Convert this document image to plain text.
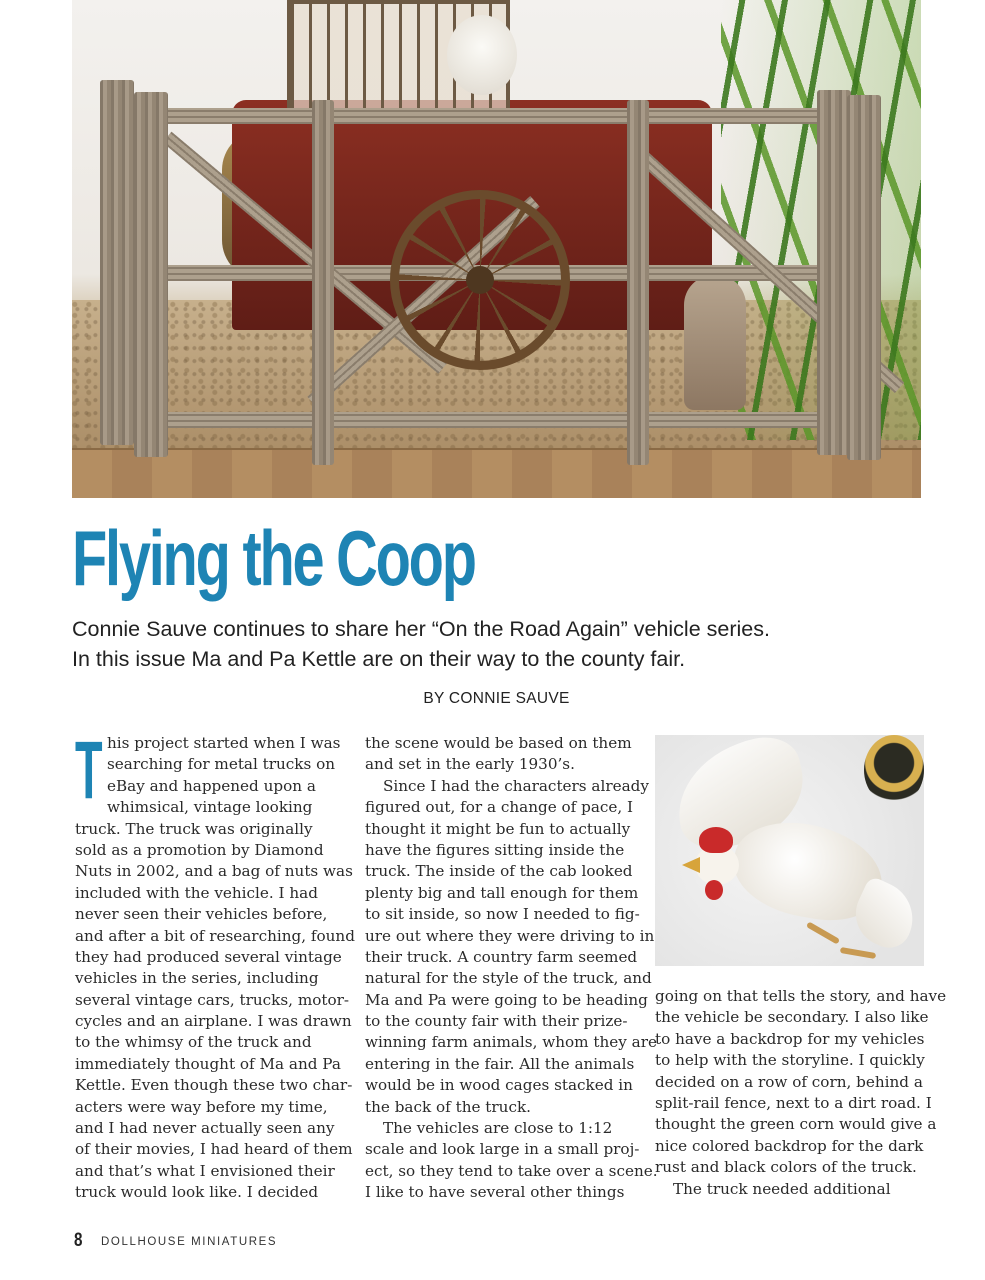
Flying the Coop
Connie Sauve continues to share her “On the Road Again” vehicle series.
In this issue Ma and Pa Kettle are on their way to the county fair.
BY CONNIE SAUVE
T his project started when I was
searching for metal trucks on
eBay and happened upon a
whimsical, vintage looking
truck. The truck was originally
sold as a promotion by Diamond
Nuts in 2002, and a bag of nuts was
included with the vehicle. I had
never seen their vehicles before,
and after a bit of researching, found
they had produced several vintage
vehicles in the series, including
several vintage cars, trucks, motor-
cycles and an airplane. I was drawn
to the whimsy of the truck and
immediately thought of Ma and Pa
Kettle. Even though these two char-
acters were way before my time,
and I had never actually seen any
of their movies, I had heard of them
and that’s what I envisioned their
truck would look like. I decided
the scene would be based on them
and set in the early 1930’s.
Since I had the characters already
figured out, for a change of pace, I
thought it might be fun to actually
have the figures sitting inside the
truck. The inside of the cab looked
plenty big and tall enough for them
to sit inside, so now I needed to fig-
ure out where they were driving to in
their truck. A country farm seemed
natural for the style of the truck, and
Ma and Pa were going to be heading
to the county fair with their prize-
winning farm animals, whom they are
entering in the fair. All the animals
would be in wood cages stacked in
the back of the truck.
The vehicles are close to 1:12
scale and look large in a small proj-
ect, so they tend to take over a scene.
I like to have several other things
going on that tells the story, and have
the vehicle be secondary. I also like
to have a backdrop for my vehicles
to help with the storyline. I quickly
decided on a row of corn, behind a
split-rail fence, next to a dirt road. I
thought the green corn would give a
nice colored backdrop for the dark
rust and black colors of the truck.
The truck needed additional
8 DOLLHOUSE MINIATURES
